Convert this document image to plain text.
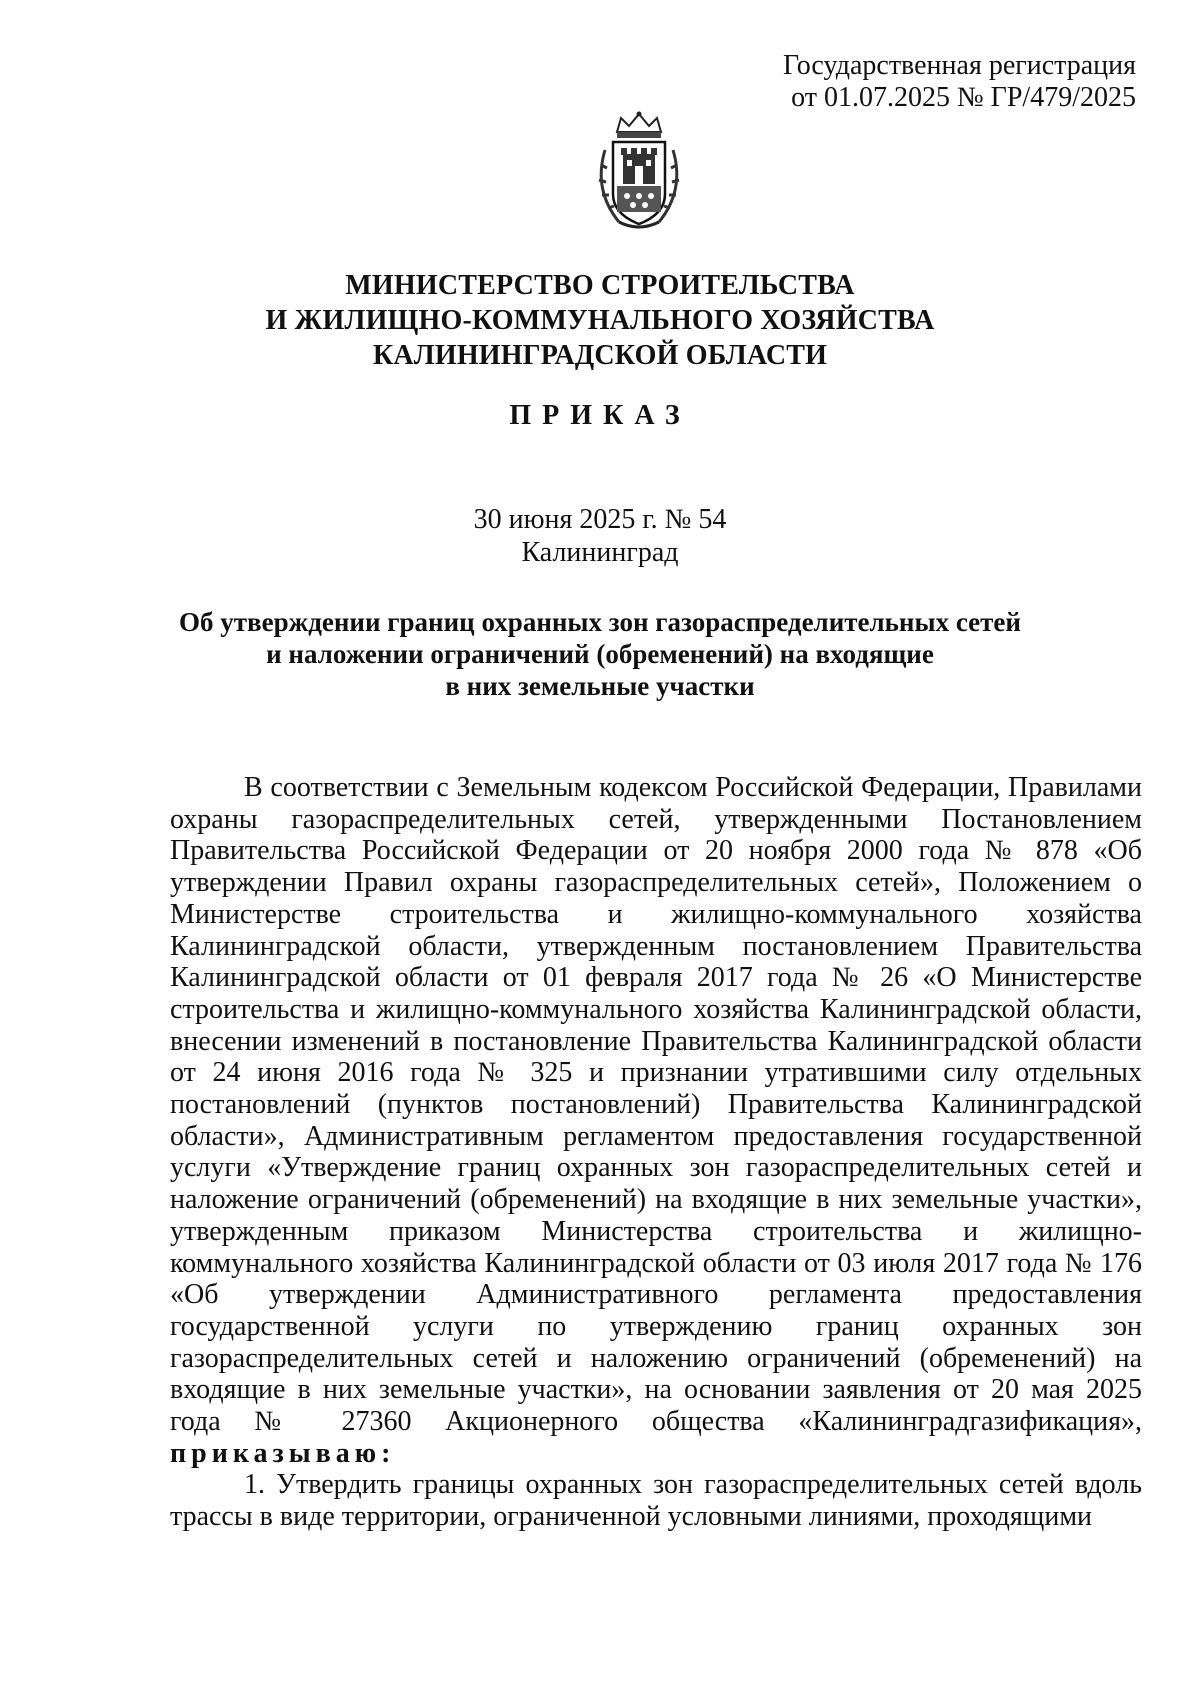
Государственная регистрация
от 01.07.2025 № ГР/479/2025
МИНИСТЕРСТВО СТРОИТЕЛЬСТВА
И ЖИЛИЩНО-КОММУНАЛЬНОГО ХОЗЯЙСТВА
КАЛИНИНГРАДСКОЙ ОБЛАСТИ
ПРИКАЗ
30 июня 2025 г. № 54
Калининград
Об утверждении границ охранных зон газораспределительных сетей
и наложении ограничений (обременений) на входящие
в них земельные участки

В соответствии с Земельным кодексом Российской Федерации, Правилами охраны газораспределительных сетей, утвержденными Постановлением Правительства Российской Федерации от 20 ноября 2000 года № 878 «Об утверждении Правил охраны газораспределительных сетей», Положением о Министерстве строительства и жилищно-коммунального хозяйства Калининградской области, утвержденным постановлением Правительства Калининградской области от 01 февраля 2017 года № 26 «О Министерстве строительства и жилищно-коммунального хозяйства Калининградской области, внесении изменений в постановление Правительства Калининградской области от 24 июня 2016 года № 325 и признании утратившими силу отдельных постановлений (пунктов постановлений) Правительства Калининградской области», Административным регламентом предоставления государственной услуги «Утверждение границ охранных зон газораспределительных сетей и наложение ограничений (обременений) на входящие в них земельные участки», утвержденным приказом Министерства строительства и жилищно-коммунального хозяйства Калининградской области от 03 июля 2017 года № 176 «Об утверждении Административного регламента предоставления государственной услуги по утверждению границ охранных зон газораспределительных сетей и наложению ограничений (обременений) на входящие в них земельные участки», на основании заявления от 20 мая 2025 года № 27360 Акционерного общества «Калининградгазификация», приказываю:

1. Утвердить границы охранных зон газораспределительных сетей вдоль трассы в виде территории, ограниченной условными линиями, проходящими
